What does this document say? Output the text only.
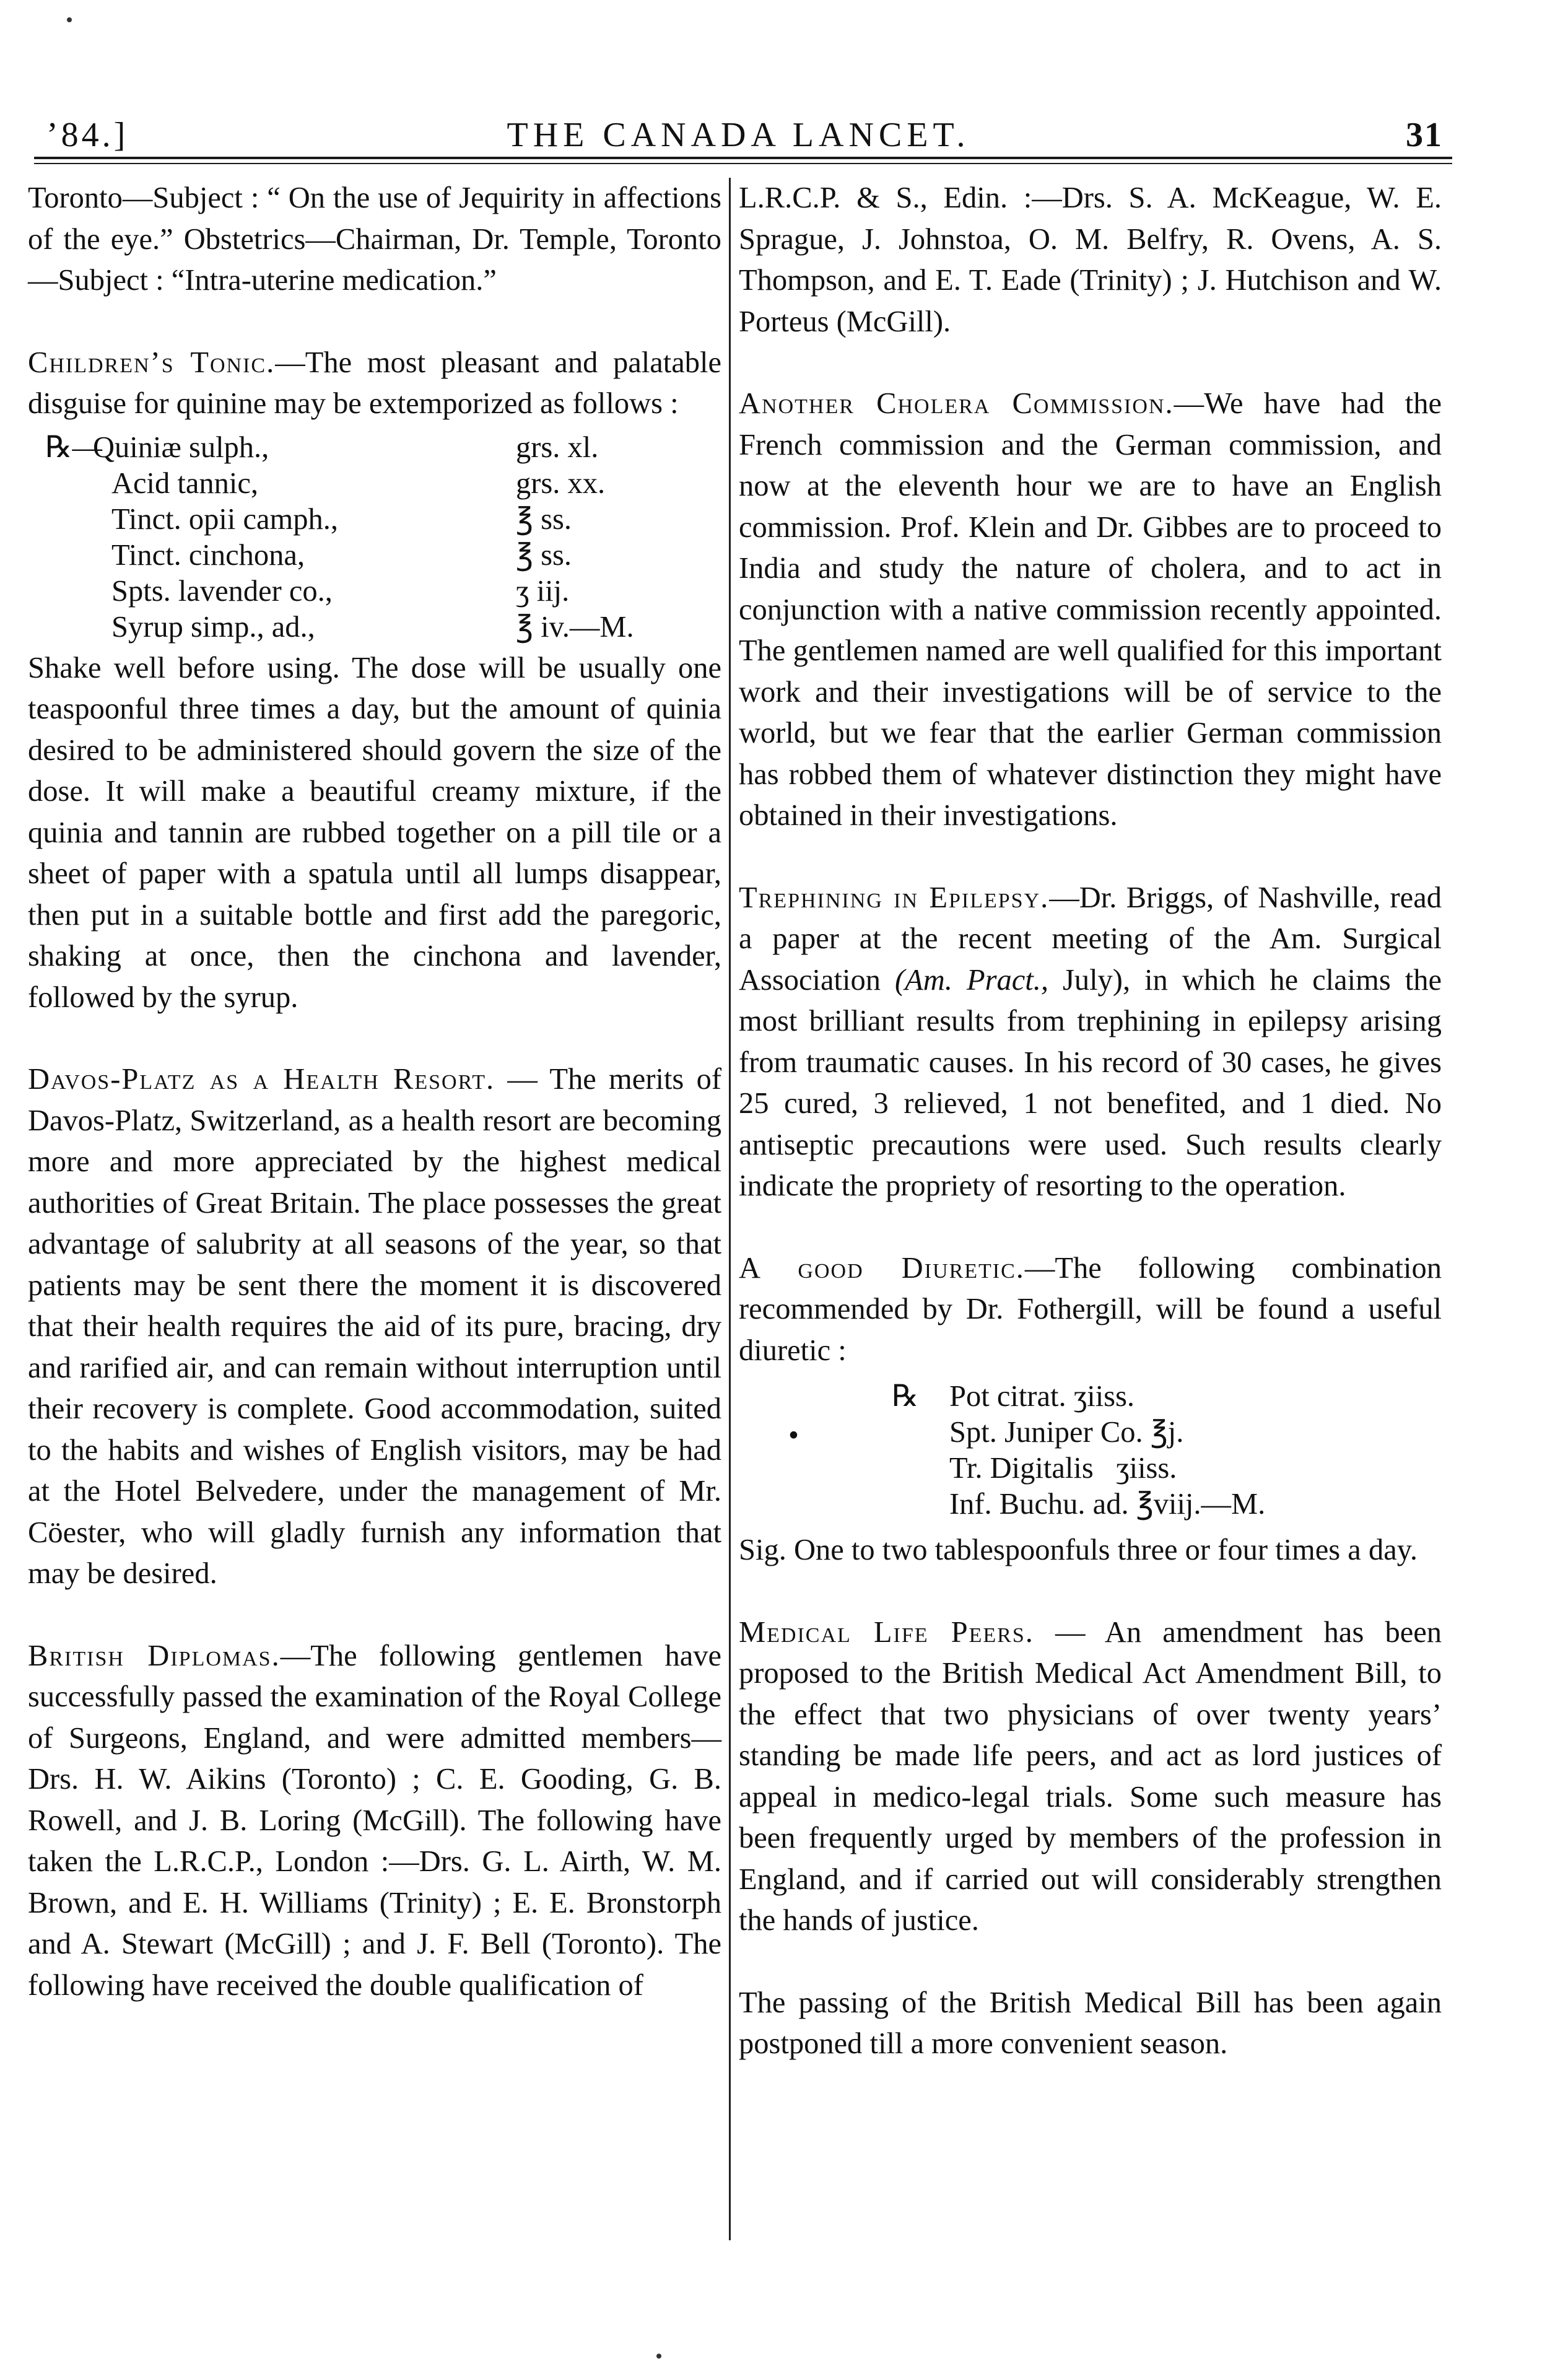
’84.]	THE CANADA LANCET.	31

Toronto—Subject : “ On the use of Jequirity in affections of the eye.” Obstetrics—Chairman, Dr. Temple, Toronto—Subject : “Intra-uterine medication.”

Children’s Tonic.—The most pleasant and palatable disguise for quinine may be extemporized as follows :

℞—
Quiniæ sulph.,	grs. xl.
Acid tannic,	grs. xx.
Tinct. opii camph.,	℥ ss.
Tinct. cinchona,	℥ ss.
Spts. lavender co.,	ʒ iij.
Syrup simp., ad.,	℥ iv.—M.

Shake well before using. The dose will be usually one teaspoonful three times a day, but the amount of quinia desired to be administered should govern the size of the dose. It will make a beautiful creamy mixture, if the quinia and tannin are rubbed together on a pill tile or a sheet of paper with a spatula until all lumps disappear, then put in a suitable bottle and first add the paregoric, shaking at once, then the cinchona and lavender, followed by the syrup.

Davos-Platz as a Health Resort. — The merits of Davos-Platz, Switzerland, as a health resort are becoming more and more appreciated by the highest medical authorities of Great Britain. The place possesses the great advantage of salubrity at all seasons of the year, so that patients may be sent there the moment it is discovered that their health requires the aid of its pure, bracing, dry and rarified air, and can remain without interruption until their recovery is complete. Good accommodation, suited to the habits and wishes of English visitors, may be had at the Hotel Belvedere, under the management of Mr. Cöester, who will gladly furnish any information that may be desired.

British Diplomas.—The following gentlemen have successfully passed the examination of the Royal College of Surgeons, England, and were admitted members—Drs. H. W. Aikins (Toronto) ; C. E. Gooding, G. B. Rowell, and J. B. Loring (McGill). The following have taken the L.R.C.P., London :—Drs. G. L. Airth, W. M. Brown, and E. H. Williams (Trinity) ; E. E. Bronstorph and A. Stewart (McGill) ; and J. F. Bell (Toronto). The following have received the double qualification of

L.R.C.P. & S., Edin. :—Drs. S. A. McKeague, W. E. Sprague, J. Johnstoa, O. M. Belfry, R. Ovens, A. S. Thompson, and E. T. Eade (Trinity) ; J. Hutchison and W. Porteus (McGill).

Another Cholera Commission.—We have had the French commission and the German commission, and now at the eleventh hour we are to have an English commission. Prof. Klein and Dr. Gibbes are to proceed to India and study the nature of cholera, and to act in conjunction with a native commission recently appointed. The gentlemen named are well qualified for this important work and their investigations will be of service to the world, but we fear that the earlier German commission has robbed them of whatever distinction they might have obtained in their investigations.

Trephining in Epilepsy.—Dr. Briggs, of Nashville, read a paper at the recent meeting of the Am. Surgical Association (Am. Pract., July), in which he claims the most brilliant results from trephining in epilepsy arising from traumatic causes. In his record of 30 cases, he gives 25 cured, 3 relieved, 1 not benefited, and 1 died. No antiseptic precautions were used. Such results clearly indicate the propriety of resorting to the operation.

A good Diuretic.—The following combination recommended by Dr. Fothergill, will be found a useful diuretic :

℞ Pot citrat. ʒiiss.
•	Spt. Juniper Co. ℥j.
Tr. Digitalis   ʒiiss.
Inf. Buchu. ad. ℥viij.—M.

Sig. One to two tablespoonfuls three or four times a day.

Medical Life Peers. — An amendment has been proposed to the British Medical Act Amendment Bill, to the effect that two physicians of over twenty years’ standing be made life peers, and act as lord justices of appeal in medico-legal trials. Some such measure has been frequently urged by members of the profession in England, and if carried out will considerably strengthen the hands of justice.

The passing of the British Medical Bill has been again postponed till a more convenient season.
